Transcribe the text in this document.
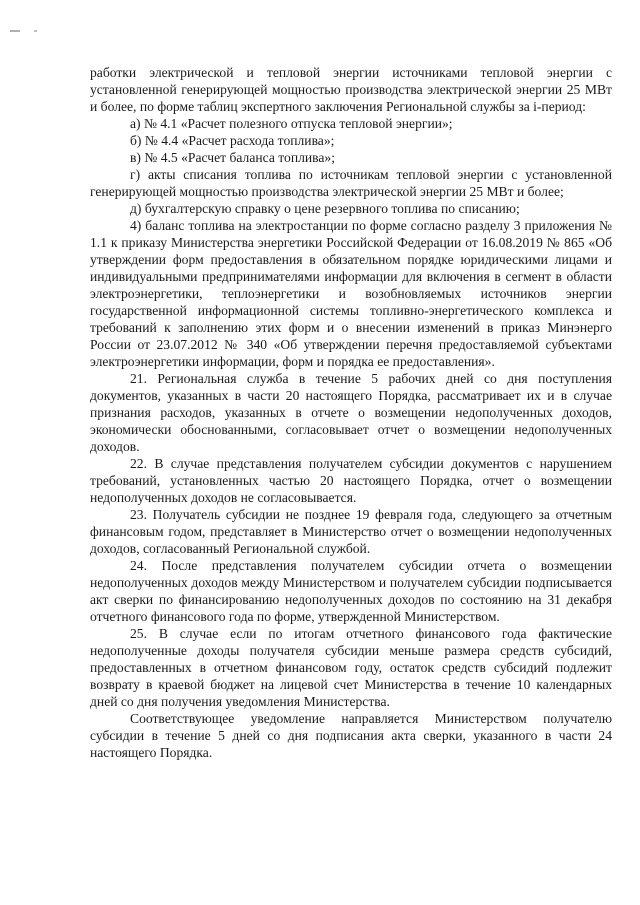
работки электрической и тепловой энергии источниками тепловой энергии с установленной генерирующей мощностью производства электрической энергии 25 МВт и более, по форме таблиц экспертного заключения Региональной службы за i-период:

а) № 4.1 «Расчет полезного отпуска тепловой энергии»;

б) № 4.4 «Расчет расхода топлива»;

в) № 4.5 «Расчет баланса топлива»;

г) акты списания топлива по источникам тепловой энергии с установленной генерирующей мощностью производства электрической энергии 25 МВт и более;

д) бухгалтерскую справку о цене резервного топлива по списанию;

4) баланс топлива на электростанции по форме согласно разделу 3 приложения № 1.1 к приказу Министерства энергетики Российской Федерации от 16.08.2019 № 865 «Об утверждении форм предоставления в обязательном порядке юридическими лицами и индивидуальными предпринимателями информации для включения в сегмент в области электроэнергетики, теплоэнергетики и возобновляемых источников энергии государственной информационной системы топливно-энергетического комплекса и требований к заполнению этих форм и о внесении изменений в приказ Минэнерго России от 23.07.2012 № 340 «Об утверждении перечня предоставляемой субъектами электроэнергетики информации, форм и порядка ее предоставления».

21. Региональная служба в течение 5 рабочих дней со дня поступления документов, указанных в части 20 настоящего Порядка, рассматривает их и в случае признания расходов, указанных в отчете о возмещении недополученных доходов, экономически обоснованными, согласовывает отчет о возмещении недополученных доходов.

22. В случае представления получателем субсидии документов с нарушением требований, установленных частью 20 настоящего Порядка, отчет о возмещении недополученных доходов не согласовывается.

23. Получатель субсидии не позднее 19 февраля года, следующего за отчетным финансовым годом, представляет в Министерство отчет о возмещении недополученных доходов, согласованный Региональной службой.

24. После представления получателем субсидии отчета о возмещении недополученных доходов между Министерством и получателем субсидии подписывается акт сверки по финансированию недополученных доходов по состоянию на 31 декабря отчетного финансового года по форме, утвержденной Министерством.

25. В случае если по итогам отчетного финансового года фактические недополученные доходы получателя субсидии меньше размера средств субсидий, предоставленных в отчетном финансовом году, остаток средств субсидий подлежит возврату в краевой бюджет на лицевой счет Министерства в течение 10 календарных дней со дня получения уведомления Министерства.

Соответствующее уведомление направляется Министерством получателю субсидии в течение 5 дней со дня подписания акта сверки, указанного в части 24 настоящего Порядка.
